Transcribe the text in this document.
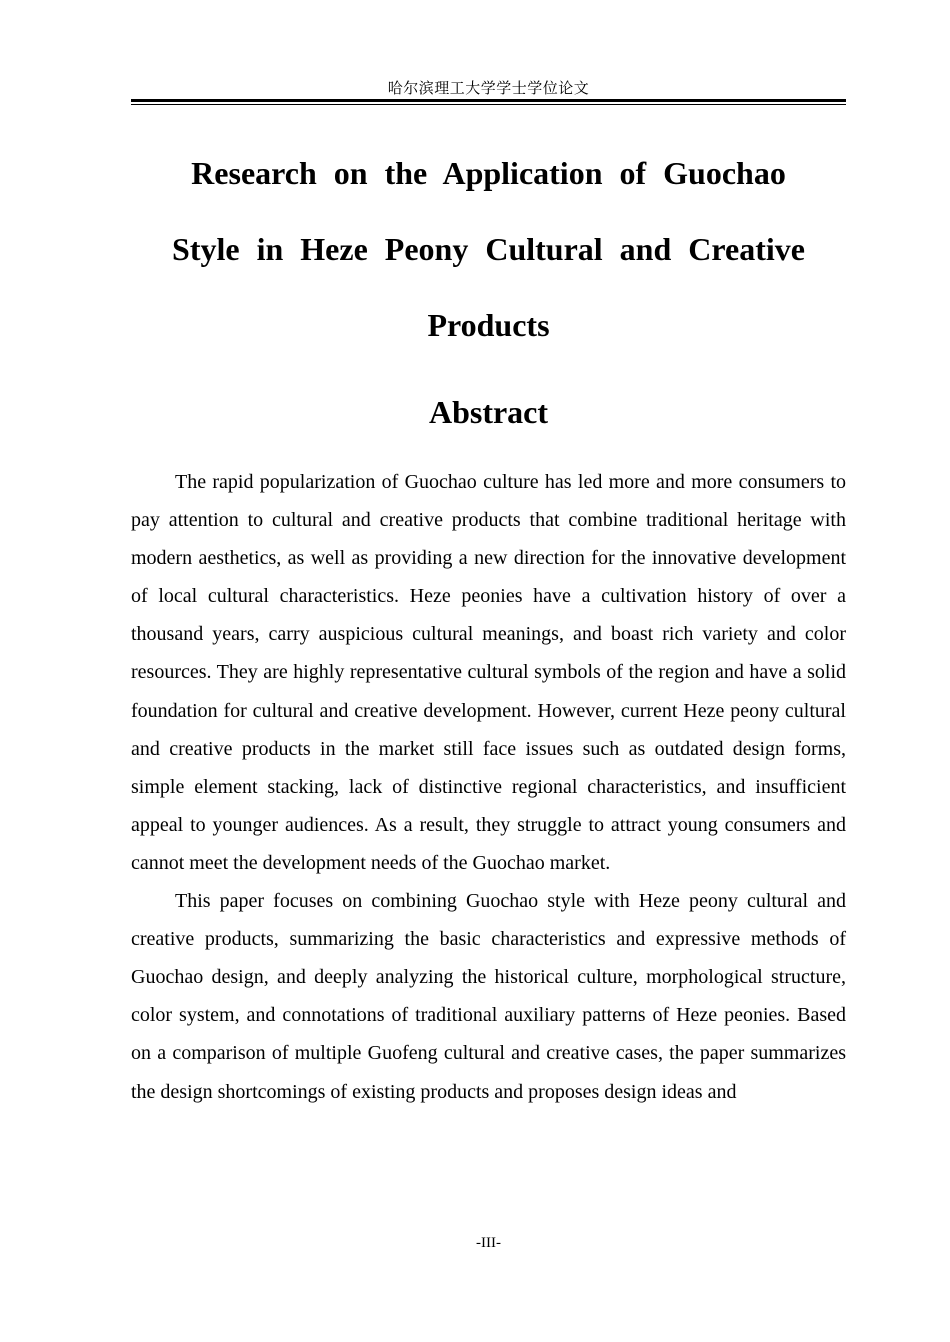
哈尔滨理工大学学士学位论文
Research on the Application of Guochao
Style in Heze Peony Cultural and Creative
Products
Abstract

The rapid popularization of Guochao culture has led more and more consumers to pay attention to cultural and creative products that combine traditional heritage with modern aesthetics, as well as providing a new direction for the innovative development of local cultural characteristics. Heze peonies have a cultivation history of over a thousand years, carry auspicious cultural meanings, and boast rich variety and color resources. They are highly representative cultural symbols of the region and have a solid foundation for cultural and creative development. However, current Heze peony cultural and creative products in the market still face issues such as outdated design forms, simple element stacking, lack of distinctive regional characteristics, and insufficient appeal to younger audiences. As a result, they struggle to attract young consumers and cannot meet the development needs of the Guochao market.

This paper focuses on combining Guochao style with Heze peony cultural and creative products, summarizing the basic characteristics and expressive methods of Guochao design, and deeply analyzing the historical culture, morphological structure, color system, and connotations of traditional auxiliary patterns of Heze peonies. Based on a comparison of multiple Guofeng cultural and creative cases, the paper summarizes the design shortcomings of existing products and proposes design ideas and

-III-
